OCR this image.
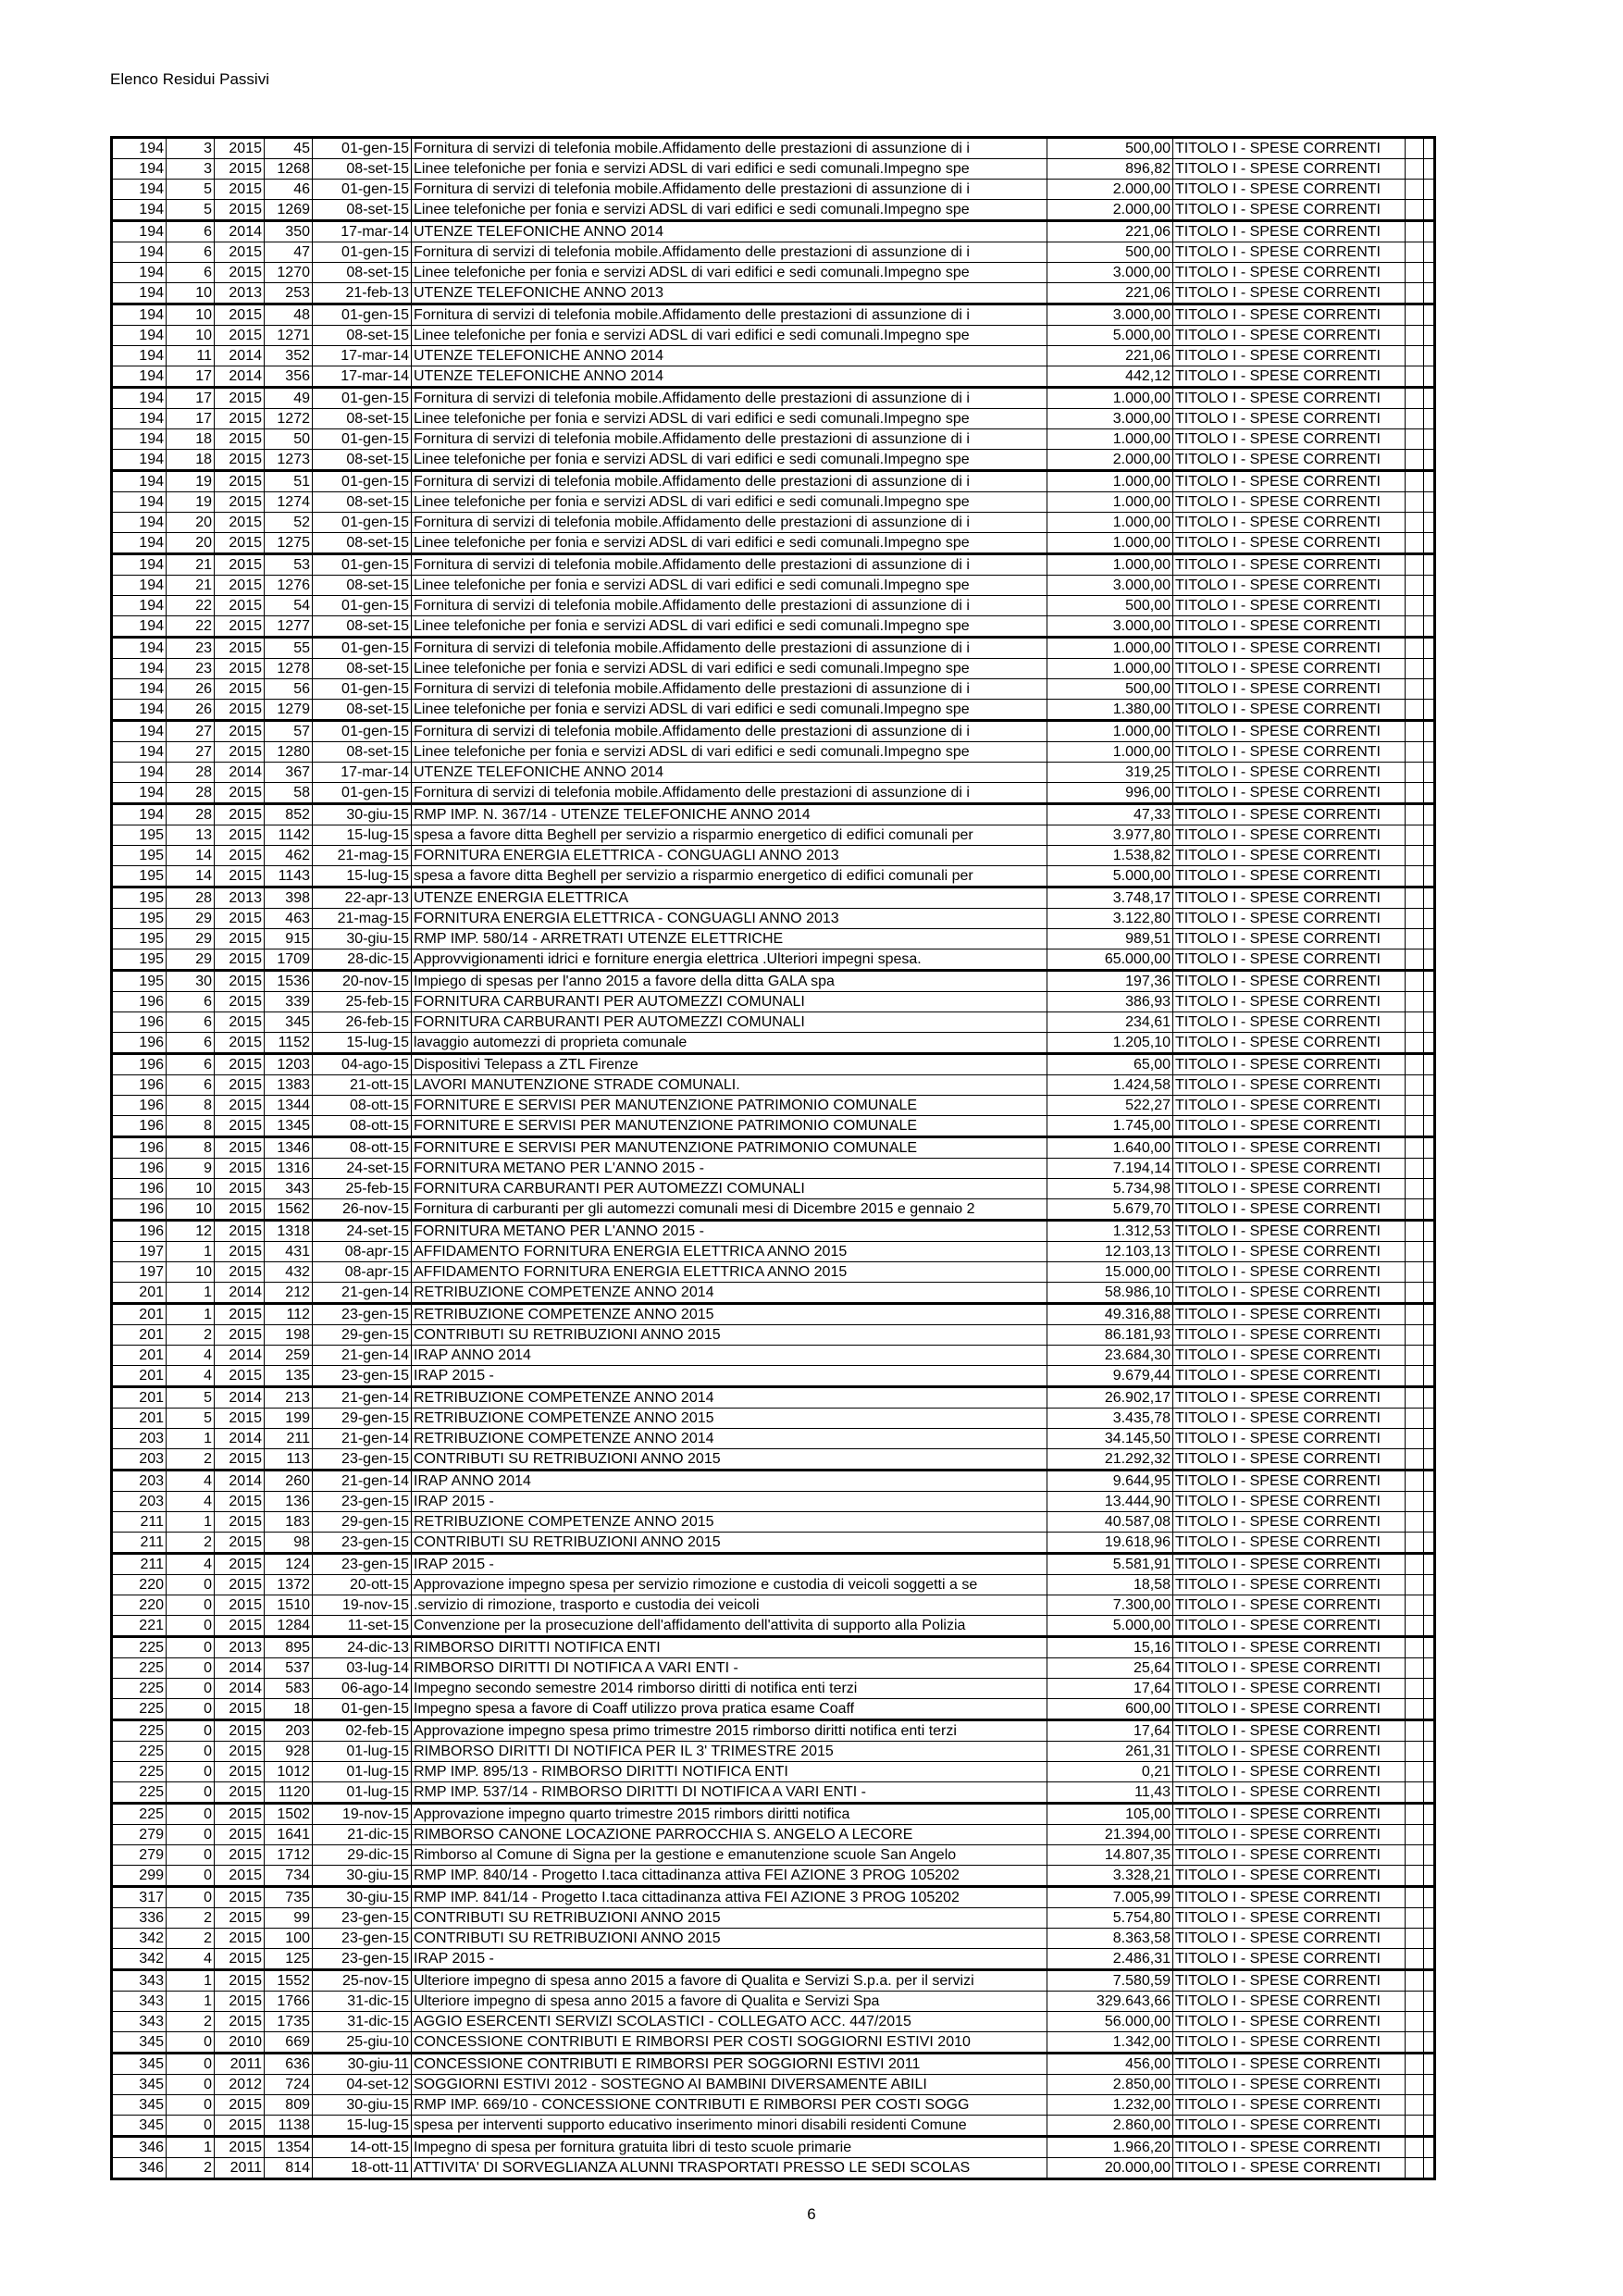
Elenco Residui Passivi
194	3	2015	45	01-gen-15	Fornitura di servizi di telefonia mobile.Affidamento delle prestazioni di assunzione di i	500,00	TITOLO I - SPESE CORRENTI		
194	3	2015	1268	08-set-15	Linee telefoniche per fonia e servizi ADSL di vari edifici e sedi comunali.Impegno spe	896,82	TITOLO I - SPESE CORRENTI		
194	5	2015	46	01-gen-15	Fornitura di servizi di telefonia mobile.Affidamento delle prestazioni di assunzione di i	2.000,00	TITOLO I - SPESE CORRENTI		
194	5	2015	1269	08-set-15	Linee telefoniche per fonia e servizi ADSL di vari edifici e sedi comunali.Impegno spe	2.000,00	TITOLO I - SPESE CORRENTI		
194	6	2014	350	17-mar-14	UTENZE TELEFONICHE ANNO 2014	221,06	TITOLO I - SPESE CORRENTI		
194	6	2015	47	01-gen-15	Fornitura di servizi di telefonia mobile.Affidamento delle prestazioni di assunzione di i	500,00	TITOLO I - SPESE CORRENTI		
194	6	2015	1270	08-set-15	Linee telefoniche per fonia e servizi ADSL di vari edifici e sedi comunali.Impegno spe	3.000,00	TITOLO I - SPESE CORRENTI		
194	10	2013	253	21-feb-13	UTENZE TELEFONICHE ANNO 2013	221,06	TITOLO I - SPESE CORRENTI		
194	10	2015	48	01-gen-15	Fornitura di servizi di telefonia mobile.Affidamento delle prestazioni di assunzione di i	3.000,00	TITOLO I - SPESE CORRENTI		
194	10	2015	1271	08-set-15	Linee telefoniche per fonia e servizi ADSL di vari edifici e sedi comunali.Impegno spe	5.000,00	TITOLO I - SPESE CORRENTI		
194	11	2014	352	17-mar-14	UTENZE TELEFONICHE ANNO 2014	221,06	TITOLO I - SPESE CORRENTI		
194	17	2014	356	17-mar-14	UTENZE TELEFONICHE ANNO 2014	442,12	TITOLO I - SPESE CORRENTI		
194	17	2015	49	01-gen-15	Fornitura di servizi di telefonia mobile.Affidamento delle prestazioni di assunzione di i	1.000,00	TITOLO I - SPESE CORRENTI		
194	17	2015	1272	08-set-15	Linee telefoniche per fonia e servizi ADSL di vari edifici e sedi comunali.Impegno spe	3.000,00	TITOLO I - SPESE CORRENTI		
194	18	2015	50	01-gen-15	Fornitura di servizi di telefonia mobile.Affidamento delle prestazioni di assunzione di i	1.000,00	TITOLO I - SPESE CORRENTI		
194	18	2015	1273	08-set-15	Linee telefoniche per fonia e servizi ADSL di vari edifici e sedi comunali.Impegno spe	2.000,00	TITOLO I - SPESE CORRENTI		
194	19	2015	51	01-gen-15	Fornitura di servizi di telefonia mobile.Affidamento delle prestazioni di assunzione di i	1.000,00	TITOLO I - SPESE CORRENTI		
194	19	2015	1274	08-set-15	Linee telefoniche per fonia e servizi ADSL di vari edifici e sedi comunali.Impegno spe	1.000,00	TITOLO I - SPESE CORRENTI		
194	20	2015	52	01-gen-15	Fornitura di servizi di telefonia mobile.Affidamento delle prestazioni di assunzione di i	1.000,00	TITOLO I - SPESE CORRENTI		
194	20	2015	1275	08-set-15	Linee telefoniche per fonia e servizi ADSL di vari edifici e sedi comunali.Impegno spe	1.000,00	TITOLO I - SPESE CORRENTI		
194	21	2015	53	01-gen-15	Fornitura di servizi di telefonia mobile.Affidamento delle prestazioni di assunzione di i	1.000,00	TITOLO I - SPESE CORRENTI		
194	21	2015	1276	08-set-15	Linee telefoniche per fonia e servizi ADSL di vari edifici e sedi comunali.Impegno spe	3.000,00	TITOLO I - SPESE CORRENTI		
194	22	2015	54	01-gen-15	Fornitura di servizi di telefonia mobile.Affidamento delle prestazioni di assunzione di i	500,00	TITOLO I - SPESE CORRENTI		
194	22	2015	1277	08-set-15	Linee telefoniche per fonia e servizi ADSL di vari edifici e sedi comunali.Impegno spe	3.000,00	TITOLO I - SPESE CORRENTI		
194	23	2015	55	01-gen-15	Fornitura di servizi di telefonia mobile.Affidamento delle prestazioni di assunzione di i	1.000,00	TITOLO I - SPESE CORRENTI		
194	23	2015	1278	08-set-15	Linee telefoniche per fonia e servizi ADSL di vari edifici e sedi comunali.Impegno spe	1.000,00	TITOLO I - SPESE CORRENTI		
194	26	2015	56	01-gen-15	Fornitura di servizi di telefonia mobile.Affidamento delle prestazioni di assunzione di i	500,00	TITOLO I - SPESE CORRENTI		
194	26	2015	1279	08-set-15	Linee telefoniche per fonia e servizi ADSL di vari edifici e sedi comunali.Impegno spe	1.380,00	TITOLO I - SPESE CORRENTI		
194	27	2015	57	01-gen-15	Fornitura di servizi di telefonia mobile.Affidamento delle prestazioni di assunzione di i	1.000,00	TITOLO I - SPESE CORRENTI		
194	27	2015	1280	08-set-15	Linee telefoniche per fonia e servizi ADSL di vari edifici e sedi comunali.Impegno spe	1.000,00	TITOLO I - SPESE CORRENTI		
194	28	2014	367	17-mar-14	UTENZE TELEFONICHE ANNO 2014	319,25	TITOLO I - SPESE CORRENTI		
194	28	2015	58	01-gen-15	Fornitura di servizi di telefonia mobile.Affidamento delle prestazioni di assunzione di i	996,00	TITOLO I - SPESE CORRENTI		
194	28	2015	852	30-giu-15	RMP IMP. N. 367/14 - UTENZE TELEFONICHE ANNO 2014	47,33	TITOLO I - SPESE CORRENTI		
195	13	2015	1142	15-lug-15	spesa a favore ditta Beghell per servizio a risparmio energetico di edifici comunali per	3.977,80	TITOLO I - SPESE CORRENTI		
195	14	2015	462	21-mag-15	FORNITURA ENERGIA ELETTRICA - CONGUAGLI ANNO 2013	1.538,82	TITOLO I - SPESE CORRENTI		
195	14	2015	1143	15-lug-15	spesa a favore ditta Beghell per servizio a risparmio energetico di edifici comunali per	5.000,00	TITOLO I - SPESE CORRENTI		
195	28	2013	398	22-apr-13	UTENZE ENERGIA ELETTRICA	3.748,17	TITOLO I - SPESE CORRENTI		
195	29	2015	463	21-mag-15	FORNITURA ENERGIA ELETTRICA - CONGUAGLI ANNO 2013	3.122,80	TITOLO I - SPESE CORRENTI		
195	29	2015	915	30-giu-15	RMP IMP. 580/14 - ARRETRATI UTENZE ELETTRICHE	989,51	TITOLO I - SPESE CORRENTI		
195	29	2015	1709	28-dic-15	Approvvigionamenti idrici e forniture energia elettrica .Ulteriori impegni spesa.	65.000,00	TITOLO I - SPESE CORRENTI		
195	30	2015	1536	20-nov-15	Impiego di spesas per l'anno 2015 a favore della ditta GALA spa	197,36	TITOLO I - SPESE CORRENTI		
196	6	2015	339	25-feb-15	FORNITURA CARBURANTI PER AUTOMEZZI COMUNALI	386,93	TITOLO I - SPESE CORRENTI		
196	6	2015	345	26-feb-15	FORNITURA CARBURANTI PER AUTOMEZZI COMUNALI	234,61	TITOLO I - SPESE CORRENTI		
196	6	2015	1152	15-lug-15	lavaggio automezzi di proprieta comunale	1.205,10	TITOLO I - SPESE CORRENTI		
196	6	2015	1203	04-ago-15	Dispositivi Telepass a ZTL Firenze	65,00	TITOLO I - SPESE CORRENTI		
196	6	2015	1383	21-ott-15	LAVORI MANUTENZIONE STRADE COMUNALI.	1.424,58	TITOLO I - SPESE CORRENTI		
196	8	2015	1344	08-ott-15	FORNITURE E SERVISI PER MANUTENZIONE PATRIMONIO COMUNALE	522,27	TITOLO I - SPESE CORRENTI		
196	8	2015	1345	08-ott-15	FORNITURE E SERVISI PER MANUTENZIONE PATRIMONIO COMUNALE	1.745,00	TITOLO I - SPESE CORRENTI		
196	8	2015	1346	08-ott-15	FORNITURE E SERVISI PER MANUTENZIONE PATRIMONIO COMUNALE	1.640,00	TITOLO I - SPESE CORRENTI		
196	9	2015	1316	24-set-15	FORNITURA METANO PER L'ANNO 2015 -	7.194,14	TITOLO I - SPESE CORRENTI		
196	10	2015	343	25-feb-15	FORNITURA CARBURANTI PER AUTOMEZZI COMUNALI	5.734,98	TITOLO I - SPESE CORRENTI		
196	10	2015	1562	26-nov-15	Fornitura di carburanti per gli automezzi comunali mesi di Dicembre 2015 e gennaio 2	5.679,70	TITOLO I - SPESE CORRENTI		
196	12	2015	1318	24-set-15	FORNITURA METANO PER L'ANNO 2015 -	1.312,53	TITOLO I - SPESE CORRENTI		
197	1	2015	431	08-apr-15	AFFIDAMENTO FORNITURA ENERGIA ELETTRICA ANNO 2015	12.103,13	TITOLO I - SPESE CORRENTI		
197	10	2015	432	08-apr-15	AFFIDAMENTO FORNITURA ENERGIA ELETTRICA ANNO 2015	15.000,00	TITOLO I - SPESE CORRENTI		
201	1	2014	212	21-gen-14	RETRIBUZIONE COMPETENZE ANNO 2014	58.986,10	TITOLO I - SPESE CORRENTI		
201	1	2015	112	23-gen-15	RETRIBUZIONE COMPETENZE ANNO 2015	49.316,88	TITOLO I - SPESE CORRENTI		
201	2	2015	198	29-gen-15	CONTRIBUTI SU RETRIBUZIONI ANNO 2015	86.181,93	TITOLO I - SPESE CORRENTI		
201	4	2014	259	21-gen-14	IRAP ANNO 2014	23.684,30	TITOLO I - SPESE CORRENTI		
201	4	2015	135	23-gen-15	IRAP 2015 -	9.679,44	TITOLO I - SPESE CORRENTI		
201	5	2014	213	21-gen-14	RETRIBUZIONE COMPETENZE ANNO 2014	26.902,17	TITOLO I - SPESE CORRENTI		
201	5	2015	199	29-gen-15	RETRIBUZIONE COMPETENZE ANNO 2015	3.435,78	TITOLO I - SPESE CORRENTI		
203	1	2014	211	21-gen-14	RETRIBUZIONE COMPETENZE ANNO 2014	34.145,50	TITOLO I - SPESE CORRENTI		
203	2	2015	113	23-gen-15	CONTRIBUTI SU RETRIBUZIONI ANNO 2015	21.292,32	TITOLO I - SPESE CORRENTI		
203	4	2014	260	21-gen-14	IRAP ANNO 2014	9.644,95	TITOLO I - SPESE CORRENTI		
203	4	2015	136	23-gen-15	IRAP 2015 -	13.444,90	TITOLO I - SPESE CORRENTI		
211	1	2015	183	29-gen-15	RETRIBUZIONE COMPETENZE ANNO 2015	40.587,08	TITOLO I - SPESE CORRENTI		
211	2	2015	98	23-gen-15	CONTRIBUTI SU RETRIBUZIONI ANNO 2015	19.618,96	TITOLO I - SPESE CORRENTI		
211	4	2015	124	23-gen-15	IRAP 2015 -	5.581,91	TITOLO I - SPESE CORRENTI		
220	0	2015	1372	20-ott-15	Approvazione impegno spesa per servizio rimozione e custodia di veicoli soggetti a se	18,58	TITOLO I - SPESE CORRENTI		
220	0	2015	1510	19-nov-15	.servizio di rimozione, trasporto e custodia dei veicoli	7.300,00	TITOLO I - SPESE CORRENTI		
221	0	2015	1284	11-set-15	Convenzione per la prosecuzione dell'affidamento dell'attivita di supporto alla Polizia	5.000,00	TITOLO I - SPESE CORRENTI		
225	0	2013	895	24-dic-13	RIMBORSO DIRITTI NOTIFICA ENTI	15,16	TITOLO I - SPESE CORRENTI		
225	0	2014	537	03-lug-14	RIMBORSO DIRITTI DI NOTIFICA A VARI ENTI -	25,64	TITOLO I - SPESE CORRENTI		
225	0	2014	583	06-ago-14	Impegno secondo semestre 2014 rimborso diritti di notifica enti terzi	17,64	TITOLO I - SPESE CORRENTI		
225	0	2015	18	01-gen-15	Impegno spesa a favore di Coaff utilizzo prova pratica esame Coaff	600,00	TITOLO I - SPESE CORRENTI		
225	0	2015	203	02-feb-15	Approvazione impegno spesa primo trimestre 2015 rimborso diritti notifica enti terzi	17,64	TITOLO I - SPESE CORRENTI		
225	0	2015	928	01-lug-15	RIMBORSO DIRITTI DI NOTIFICA PER IL 3' TRIMESTRE 2015	261,31	TITOLO I - SPESE CORRENTI		
225	0	2015	1012	01-lug-15	RMP IMP. 895/13 - RIMBORSO DIRITTI NOTIFICA ENTI	0,21	TITOLO I - SPESE CORRENTI		
225	0	2015	1120	01-lug-15	RMP IMP. 537/14 - RIMBORSO DIRITTI DI NOTIFICA A VARI ENTI -	11,43	TITOLO I - SPESE CORRENTI		
225	0	2015	1502	19-nov-15	Approvazione impegno quarto trimestre 2015 rimbors diritti notifica	105,00	TITOLO I - SPESE CORRENTI		
279	0	2015	1641	21-dic-15	RIMBORSO CANONE LOCAZIONE PARROCCHIA S. ANGELO A LECORE	21.394,00	TITOLO I - SPESE CORRENTI		
279	0	2015	1712	29-dic-15	Rimborso al Comune di Signa per la gestione e emanutenzione scuole San Angelo	14.807,35	TITOLO I - SPESE CORRENTI		
299	0	2015	734	30-giu-15	RMP IMP. 840/14 - Progetto I.taca cittadinanza attiva FEI AZIONE 3 PROG 105202	3.328,21	TITOLO I - SPESE CORRENTI		
317	0	2015	735	30-giu-15	RMP IMP. 841/14 - Progetto I.taca cittadinanza attiva FEI AZIONE 3 PROG 105202	7.005,99	TITOLO I - SPESE CORRENTI		
336	2	2015	99	23-gen-15	CONTRIBUTI SU RETRIBUZIONI ANNO 2015	5.754,80	TITOLO I - SPESE CORRENTI		
342	2	2015	100	23-gen-15	CONTRIBUTI SU RETRIBUZIONI ANNO 2015	8.363,58	TITOLO I - SPESE CORRENTI		
342	4	2015	125	23-gen-15	IRAP 2015 -	2.486,31	TITOLO I - SPESE CORRENTI		
343	1	2015	1552	25-nov-15	Ulteriore impegno di spesa anno 2015 a favore di Qualita e Servizi S.p.a. per il servizi	7.580,59	TITOLO I - SPESE CORRENTI		
343	1	2015	1766	31-dic-15	Ulteriore impegno di spesa anno 2015 a favore di Qualita e Servizi Spa	329.643,66	TITOLO I - SPESE CORRENTI		
343	2	2015	1735	31-dic-15	AGGIO ESERCENTI SERVIZI SCOLASTICI - COLLEGATO ACC. 447/2015	56.000,00	TITOLO I - SPESE CORRENTI		
345	0	2010	669	25-giu-10	CONCESSIONE CONTRIBUTI E RIMBORSI PER COSTI SOGGIORNI ESTIVI 2010	1.342,00	TITOLO I - SPESE CORRENTI		
345	0	2011	636	30-giu-11	CONCESSIONE CONTRIBUTI E RIMBORSI PER SOGGIORNI ESTIVI 2011	456,00	TITOLO I - SPESE CORRENTI		
345	0	2012	724	04-set-12	SOGGIORNI ESTIVI 2012 - SOSTEGNO AI BAMBINI DIVERSAMENTE ABILI	2.850,00	TITOLO I - SPESE CORRENTI		
345	0	2015	809	30-giu-15	RMP IMP. 669/10 - CONCESSIONE CONTRIBUTI E RIMBORSI PER COSTI SOGG	1.232,00	TITOLO I - SPESE CORRENTI		
345	0	2015	1138	15-lug-15	spesa per interventi supporto educativo inserimento minori disabili residenti Comune	2.860,00	TITOLO I - SPESE CORRENTI		
346	1	2015	1354	14-ott-15	Impegno di spesa per fornitura gratuita libri di testo scuole primarie	1.966,20	TITOLO I - SPESE CORRENTI		
346	2	2011	814	18-ott-11	ATTIVITA' DI SORVEGLIANZA ALUNNI TRASPORTATI PRESSO LE SEDI SCOLAS	20.000,00	TITOLO I - SPESE CORRENTI		
6
